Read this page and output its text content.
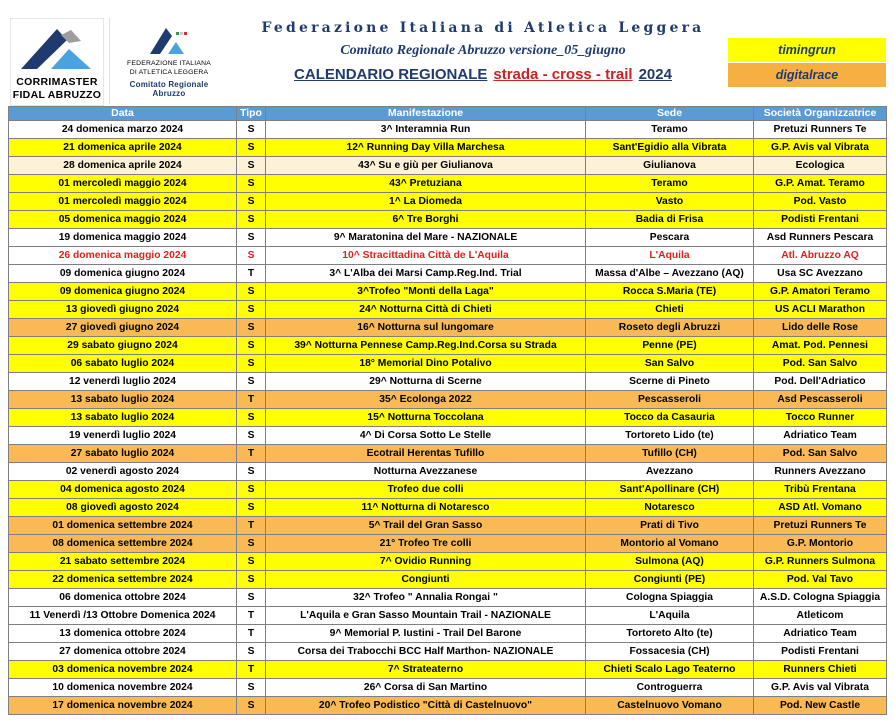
CORRIMASTER
FIDAL ABRUZZO
FEDERAZIONE ITALIANA
DI ATLETICA LEGGERA
Comitato Regionale Abruzzo
Federazione Italiana di Atletica Leggera
Comitato Regionale Abruzzo versione_05_giugno
CALENDARIO REGIONALE strada - cross - trail 2024
timingrun
digitalrace
Data	Tipo	Manifestazione	Sede	Società Organizzatrice
24 domenica marzo 2024	S	3^ Interamnia Run	Teramo	Pretuzi Runners Te
21 domenica aprile 2024	S	12^ Running Day Villa Marchesa	Sant'Egidio alla Vibrata	G.P. Avis val Vibrata
28 domenica aprile 2024	S	43^ Su e giù per Giulianova	Giulianova	Ecologica
01 mercoledì maggio 2024	S	43^ Pretuziana	Teramo	G.P. Amat. Teramo
01 mercoledì maggio 2024	S	1^ La Diomeda	Vasto	Pod. Vasto
05 domenica maggio 2024	S	6^ Tre Borghi	Badia di Frisa	Podisti Frentani
19 domenica maggio 2024	S	9^ Maratonina del Mare - NAZIONALE	Pescara	Asd Runners Pescara
26 domenica maggio 2024	S	10^ Stracittadina Città de L'Aquila	L'Aquila	Atl. Abruzzo AQ
09 domenica giugno 2024	T	3^ L'Alba dei Marsi Camp.Reg.Ind. Trial	Massa d'Albe – Avezzano (AQ)	Usa SC Avezzano
09 domenica giugno 2024	S	3^Trofeo "Monti della Laga"	Rocca S.Maria (TE)	G.P. Amatori Teramo
13 giovedì giugno 2024	S	24^ Notturna Città di Chieti	Chieti	US ACLI Marathon
27 giovedì giugno 2024	S	16^ Notturna sul lungomare	Roseto degli Abruzzi	Lido delle Rose
29 sabato giugno 2024	S	39^ Notturna Pennese Camp.Reg.Ind.Corsa su Strada	Penne (PE)	Amat. Pod. Pennesi
06 sabato luglio 2024	S	18° Memorial Dino Potalivo	San Salvo	Pod. San Salvo
12 venerdì luglio 2024	S	29^ Notturna di Scerne	Scerne di Pineto	Pod. Dell'Adriatico
13 sabato luglio 2024	T	35^ Ecolonga 2022	Pescasseroli	Asd Pescasseroli
13 sabato luglio 2024	S	15^ Notturna Toccolana	Tocco da Casauria	Tocco Runner
19 venerdì luglio 2024	S	4^ Di Corsa Sotto Le Stelle	Tortoreto Lido (te)	Adriatico Team
27 sabato luglio 2024	T	Ecotrail Herentas Tufillo	Tufillo (CH)	Pod. San Salvo
02 venerdì agosto 2024	S	Notturna Avezzanese	Avezzano	Runners Avezzano
04 domenica agosto 2024	S	Trofeo due colli	Sant'Apollinare (CH)	Tribù Frentana
08 giovedì agosto 2024	S	11^ Notturna di Notaresco	Notaresco	ASD Atl. Vomano
01 domenica settembre 2024	T	5^ Trail del Gran Sasso	Prati di Tivo	Pretuzi Runners Te
08 domenica settembre 2024	S	21° Trofeo Tre colli	Montorio al Vomano	G.P. Montorio
21 sabato settembre 2024	S	7^ Ovidio Running	Sulmona (AQ)	G.P. Runners Sulmona
22 domenica settembre 2024	S	Congiunti	Congiunti (PE)	Pod. Val Tavo
06 domenica ottobre 2024	S	32^ Trofeo " Annalia Rongai "	Cologna Spiaggia	A.S.D. Cologna Spiaggia
11 Venerdì /13 Ottobre Domenica 2024	T	L'Aquila e Gran Sasso Mountain Trail - NAZIONALE	L'Aquila	Atleticom
13 domenica ottobre 2024	T	9^ Memorial P. Iustini - Trail Del Barone	Tortoreto Alto (te)	Adriatico Team
27 domenica ottobre 2024	S	Corsa dei Trabocchi BCC Half Marthon- NAZIONALE	Fossacesia (CH)	Podisti Frentani
03 domenica novembre 2024	T	7^ Strateaterno	Chieti Scalo Lago Teaterno	Runners Chieti
10 domenica novembre 2024	S	26^ Corsa di San Martino	Controguerra	G.P. Avis val Vibrata
17 domenica novembre 2024	S	20^ Trofeo Podistico "Città di Castelnuovo"	Castelnuovo Vomano	Pod. New Castle
